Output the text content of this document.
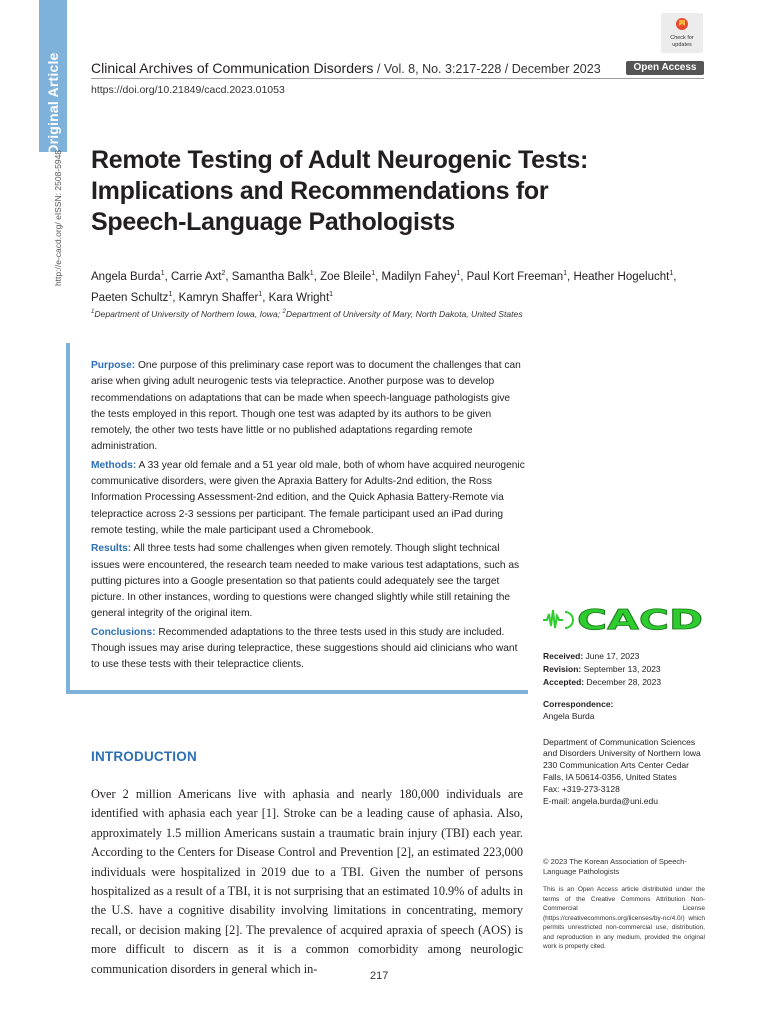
Original Article
http://e-cacd.org/ eISSN: 2508-5948
Check for updates
Clinical Archives of Communication Disorders / Vol. 8, No. 3:217-228 / December 2023	Open Access
https://doi.org/10.21849/cacd.2023.01053
Remote Testing of Adult Neurogenic Tests: Implications and Recommendations for Speech-Language Pathologists
Angela Burda$^1$, Carrie Axt$^2$, Samantha Balk$^1$, Zoe Bleile$^1$, Madilyn Fahey$^1$, Paul Kort Freeman$^1$, Heather Hogelucht$^1$,
Paeten Schultz$^1$, Kamryn Shaffer$^1$, Kara Wright$^1$
$^1$Department of University of Northern Iowa, Iowa; $^2$Department of University of Mary, North Dakota, United States

Purpose: One purpose of this preliminary case report was to document the challenges that can arise when giving adult neurogenic tests via telepractice. Another purpose was to develop recommendations on adaptations that can be made when speech-language pathologists give the tests employed in this report. Though one test was adapted by its authors to be given remotely, the other two tests have little or no published adaptations regarding remote administration.

Methods: A 33 year old female and a 51 year old male, both of whom have acquired neurogenic communicative disorders, were given the Apraxia Battery for Adults-2nd edition, the Ross Information Processing Assessment-2nd edition, and the Quick Aphasia Battery-Remote via telepractice across 2-3 sessions per participant. The female participant used an iPad during remote testing, while the male participant used a Chromebook.

Results: All three tests had some challenges when given remotely. Though slight technical issues were encountered, the research team needed to make various test adaptations, such as putting pictures into a Google presentation so that patients could adequately see the target picture. In other instances, wording to questions were changed slightly while still retaining the general integrity of the original item.

Conclusions: Recommended adaptations to the three tests used in this study are included. Though issues may arise during telepractice, these suggestions should aid clinicians who want to use these tests with their telepractice clients.

CACD
Received: June 17, 2023
Revision: September 13, 2023
Accepted: December 28, 2023
Correspondence:
Angela Burda
Department of Communication Sciences
and Disorders University of Northern Iowa
230 Communication Arts Center Cedar
Falls, IA 50614-0356, United States
Fax: +319-273-3128
E-mail: angela.burda@uni.edu
© 2023 The Korean Association of Speech-Language Pathologists
This is an Open Access article distributed under the terms of the Creative Commons Attribution Non-Commercial License (https://creativecommons.org/licenses/by-nc/4.0/) which permits unrestricted non-commercial use, distribution, and reproduction in any medium, provided the original work is properly cited.
INTRODUCTION
Over 2 million Americans live with aphasia and nearly 180,000 individuals are identified with aphasia each year [1]. Stroke can be a leading cause of aphasia. Also, approximately 1.5 million Americans sustain a traumatic brain injury (TBI) each year. According to the Centers for Disease Control and Prevention [2], an estimated 223,000 individuals were hospitalized in 2019 due to a TBI. Given the number of persons hospitalized as a result of a TBI, it is not surprising that an estimated 10.9% of adults in the U.S. have a cognitive disability involving limitations in concentrating, memory recall, or decision making [2]. The prevalence of acquired apraxia of speech (AOS) is more difficult to discern as it is a common comorbidity among neurologic communication disorders in general which in-
217
